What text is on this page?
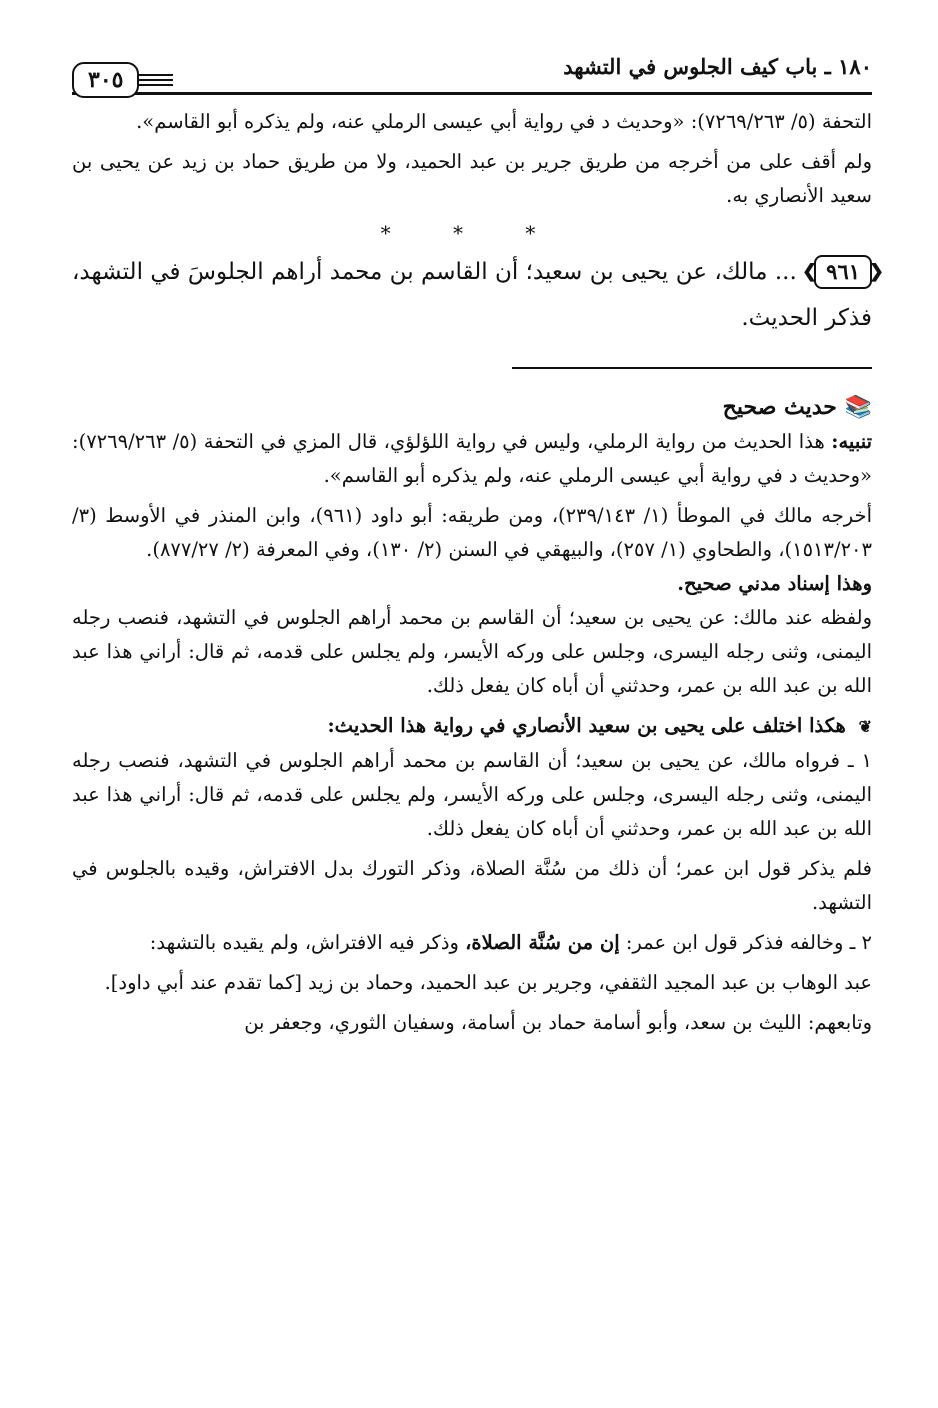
١٨٠ ـ باب كيف الجلوس في التشهد
٣٠٥

التحفة (٥/ ٧٢٦٩/٢٦٣): «وحديث د في رواية أبي عيسى الرملي عنه، ولم يذكره أبو القاسم».

ولم أقف على من أخرجه من طريق جرير بن عبد الحميد، ولا من طريق حماد بن زيد عن يحيى بن سعيد الأنصاري به.

* * *

❮ ٩٦١ ❯ ... مالك، عن يحيى بن سعيد؛ أن القاسم بن محمد أراهم الجلوسَ في التشهد، فذكر الحديث.

📚 حديث صحيح

تنبيه: هذا الحديث من رواية الرملي، وليس في رواية اللؤلؤي، قال المزي في التحفة (٥/ ٧٢٦٩/٢٦٣): «وحديث د في رواية أبي عيسى الرملي عنه، ولم يذكره أبو القاسم».

أخرجه مالك في الموطأ (١/ ٢٣٩/١٤٣)، ومن طريقه: أبو داود (٩٦١)، وابن المنذر في الأوسط (٣/ ١٥١٣/٢٠٣)، والطحاوي (١/ ٢٥٧)، والبيهقي في السنن (٢/ ١٣٠)، وفي المعرفة (٢/ ٨٧٧/٢٧).

وهذا إسناد مدني صحيح.

ولفظه عند مالك: عن يحيى بن سعيد؛ أن القاسم بن محمد أراهم الجلوس في التشهد، فنصب رجله اليمنى، وثنى رجله اليسرى، وجلس على وركه الأيسر، ولم يجلس على قدمه، ثم قال: أراني هذا عبد الله بن عبد الله بن عمر، وحدثني أن أباه كان يفعل ذلك.

❦ هكذا اختلف على يحيى بن سعيد الأنصاري في رواية هذا الحديث:

١ ـ فرواه مالك، عن يحيى بن سعيد؛ أن القاسم بن محمد أراهم الجلوس في التشهد، فنصب رجله اليمنى، وثنى رجله اليسرى، وجلس على وركه الأيسر، ولم يجلس على قدمه، ثم قال: أراني هذا عبد الله بن عبد الله بن عمر، وحدثني أن أباه كان يفعل ذلك.

فلم يذكر قول ابن عمر؛ أن ذلك من سُنَّة الصلاة، وذكر التورك بدل الافتراش، وقيده بالجلوس في التشهد.

٢ ـ وخالفه فذكر قول ابن عمر: إن من سُنَّة الصلاة، وذكر فيه الافتراش، ولم يقيده بالتشهد:

عبد الوهاب بن عبد المجيد الثقفي، وجرير بن عبد الحميد، وحماد بن زيد [كما تقدم عند أبي داود].

وتابعهم: الليث بن سعد، وأبو أسامة حماد بن أسامة، وسفيان الثوري، وجعفر بن
